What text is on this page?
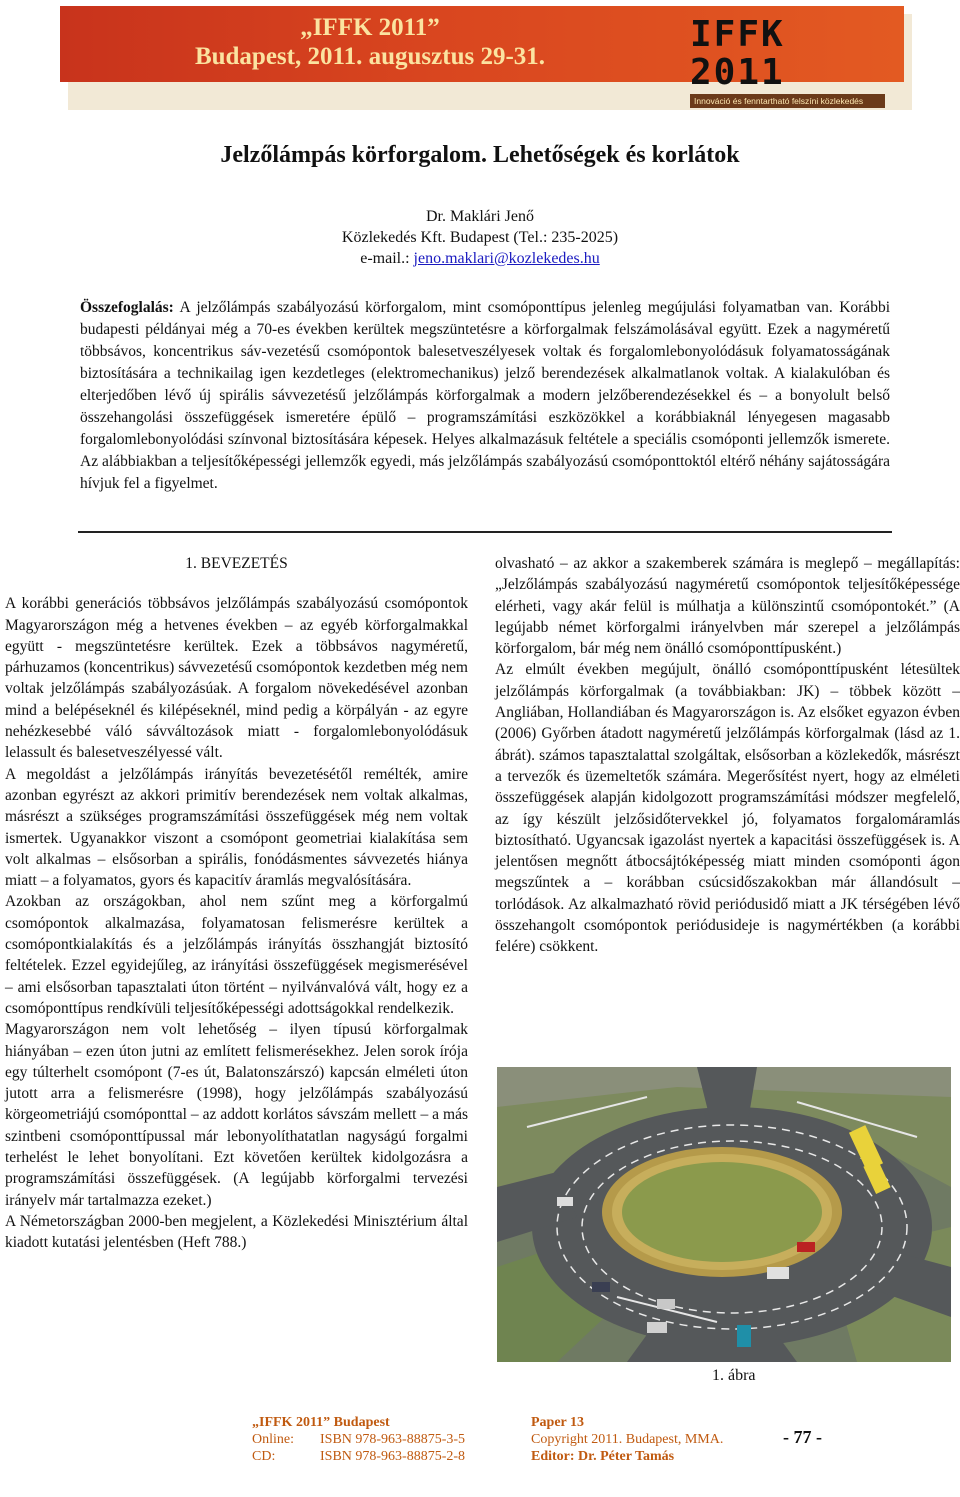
„IFFK 2011”
Budapest, 2011. augusztus 29-31.
IFFK 2011
Innováció és fenntartható felszíni közlekedés
Jelzőlámpás körforgalom. Lehetőségek és korlátok
Dr. Maklári Jenő
Közlekedés Kft. Budapest (Tel.: 235-2025)
e-mail.: jeno.maklari@kozlekedes.hu
Összefoglalás: A jelzőlámpás szabályozású körforgalom, mint csomóponttípus jelenleg megújulási folyamatban van. Korábbi budapesti példányai még a 70-es években kerültek megszüntetésre a körforgalmak felszámolásával együtt. Ezek a nagyméretű többsávos, koncentrikus sáv-vezetésű csomópontok balesetveszélyesek voltak és forgalomlebonyolódásuk folyamatosságának biztosítására a technikailag igen kezdetleges (elektromechanikus) jelző berendezések alkalmatlanok voltak. A kialakulóban és elterjedőben lévő új spirális sávvezetésű jelzőlámpás körforgalmak a modern jelzőberendezésekkel és – a bonyolult belső összehangolási összefüggések ismeretére épülő – programszámítási eszközökkel a korábbiaknál lényegesen magasabb forgalomlebonyolódási színvonal biztosítására képesek. Helyes alkalmazásuk feltétele a speciális csomóponti jellemzők ismerete. Az alábbiakban a teljesítőképességi jellemzők egyedi, más jelzőlámpás szabályozású csomóponttoktól eltérő néhány sajátosságára hívjuk fel a figyelmet.
1. BEVEZETÉS

A korábbi generációs többsávos jelzőlámpás szabályozású csomópontok Magyarországon még a hetvenes években – az egyéb körforgalmakkal együtt - megszüntetésre kerültek. Ezek a többsávos nagyméretű, párhuzamos (koncentrikus) sávvezetésű csomópontok kezdetben még nem voltak jelzőlámpás szabályozásúak. A forgalom növekedésével azonban mind a belépéseknél és kilépéseknél, mind pedig a körpályán - az egyre nehézkesebbé váló sávváltozások miatt - forgalomlebonyolódásuk lelassult és balesetveszélyessé vált.

A megoldást a jelzőlámpás irányítás bevezetésétől remélték, amire azonban egyrészt az akkori primitív berendezések nem voltak alkalmas, másrészt a szükséges programszámítási összefüggések még nem voltak ismertek. Ugyanakkor viszont a csomópont geometriai kialakítása sem volt alkalmas – elsősorban a spirális, fonódásmentes sávvezetés hiánya miatt – a folyamatos, gyors és kapacitív áramlás megvalósítására.

Azokban az országokban, ahol nem szűnt meg a körforgalmú csomópontok alkalmazása, folyamatosan felismerésre kerültek a csomópontkialakítás és a jelzőlámpás irányítás összhangját biztosító feltételek. Ezzel egyidejűleg, az irányítási összefüggések megismerésével – ami elsősorban tapasztalati úton történt – nyilvánvalóvá vált, hogy ez a csomóponttípus rendkívüli teljesítőképességi adottságokkal rendelkezik.

Magyarországon nem volt lehetőség – ilyen típusú körforgalmak hiányában – ezen úton jutni az említett felismerésekhez. Jelen sorok írója egy túlterhelt csomópont (7-es út, Balatonszárszó) kapcsán elméleti úton jutott arra a felismerésre (1998), hogy jelzőlámpás szabályozású körgeometriájú csomóponttal – az addott korlátos sávszám mellett – a más szintbeni csomóponttípussal már lebonyolíthatatlan nagyságú forgalmi terhelést le lehet bonyolítani. Ezt követően kerültek kidolgozásra a programszámítási összefüggések. (A legújabb körforgalmi tervezési irányelv már tartalmazza ezeket.)

A Németországban 2000-ben megjelent, a Közlekedési Minisztérium által kiadott kutatási jelentésben (Heft 788.)

olvasható – az akkor a szakemberek számára is meglepő – megállapítás: „Jelzőlámpás szabályozású nagyméretű csomópontok teljesítőképessége elérheti, vagy akár felül is múlhatja a különszintű csomópontokét.” (A legújabb német körforgalmi irányelvben már szerepel a jelzőlámpás körforgalom, bár még nem önálló csomóponttípusként.)

Az elmúlt években megújult, önálló csomóponttípusként létesültek jelzőlámpás körforgalmak (a továbbiakban: JK) – többek között – Angliában, Hollandiában és Magyarországon is. Az elsőket egyazon évben (2006) Győrben átadott nagyméretű jelzőlámpás körforgalmak (lásd az 1. ábrát). számos tapasztalattal szolgáltak, elsősorban a közlekedők, másrészt a tervezők és üzemeltetők számára. Megerősítést nyert, hogy az elméleti összefüggések alapján kidolgozott programszámítási módszer megfelelő, az így készült jelzősidőtervekkel jó, folyamatos forgalomáramlás biztosítható. Ugyancsak igazolást nyertek a kapacitási összefüggések is. A jelentősen megnőtt átbocsájtóképesség miatt minden csomóponti ágon megszűntek a – korábban csúcsidőszakokban már állandósult – torlódások. Az alkalmazható rövid periódusidő miatt a JK térségében lévő összehangolt csomópontok periódusideje is nagymértékben (a korábbi felére) csökkent.

1. ábra
„IFFK 2011” Budapest
Online: ISBN 978-963-88875-3-5
CD:	ISBN 978-963-88875-2-8
Paper 13
Copyright 2011. Budapest, MMA.
Editor: Dr. Péter Tamás
- 77 -
